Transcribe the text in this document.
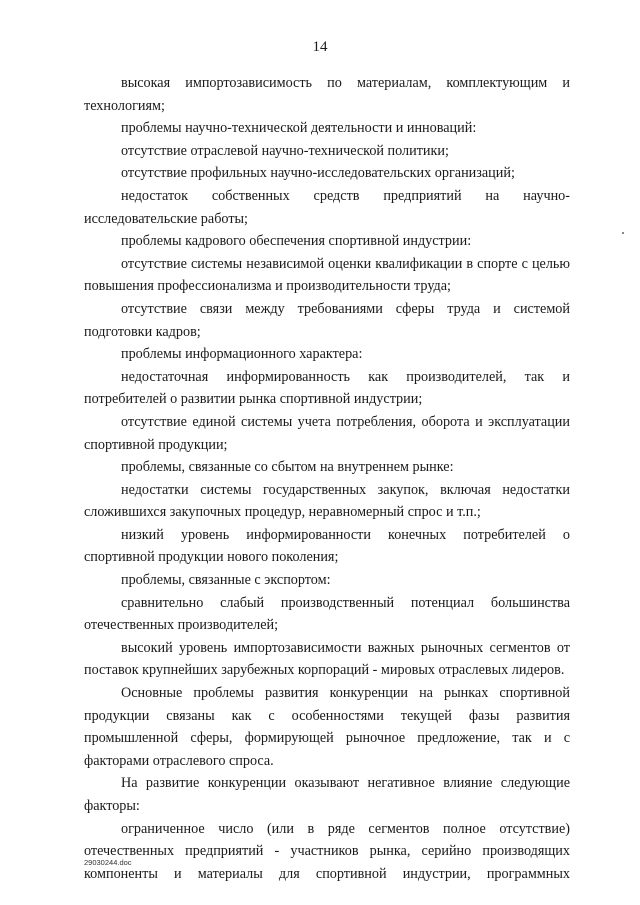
14

высокая импортозависимость по материалам, комплектующим и технологиям;

проблемы научно-технической деятельности и инноваций:

отсутствие отраслевой научно-технической политики;

отсутствие профильных научно-исследовательских организаций;

недостаток собственных средств предприятий на научно-исследовательские работы;

проблемы кадрового обеспечения спортивной индустрии:

отсутствие системы независимой оценки квалификации в спорте с целью повышения профессионализма и производительности труда;

отсутствие связи между требованиями сферы труда и системой подготовки кадров;

проблемы информационного характера:

недостаточная информированность как производителей, так и потребителей о развитии рынка спортивной индустрии;

отсутствие единой системы учета потребления, оборота и эксплуатации спортивной продукции;

проблемы, связанные со сбытом на внутреннем рынке:

недостатки системы государственных закупок, включая недостатки сложившихся закупочных процедур, неравномерный спрос и т.п.;

низкий уровень информированности конечных потребителей о спортивной продукции нового поколения;

проблемы, связанные с экспортом:

сравнительно слабый производственный потенциал большинства отечественных производителей;

высокий уровень импортозависимости важных рыночных сегментов от поставок крупнейших зарубежных корпораций - мировых отраслевых лидеров.

Основные проблемы развития конкуренции на рынках спортивной продукции связаны как с особенностями текущей фазы развития промышленной сферы, формирующей рыночное предложение, так и с факторами отраслевого спроса.

На развитие конкуренции оказывают негативное влияние следующие факторы:

ограниченное число (или в ряде сегментов полное отсутствие) отечественных предприятий - участников рынка, серийно производящих компоненты и материалы для спортивной индустрии, программных

29030244.doc
